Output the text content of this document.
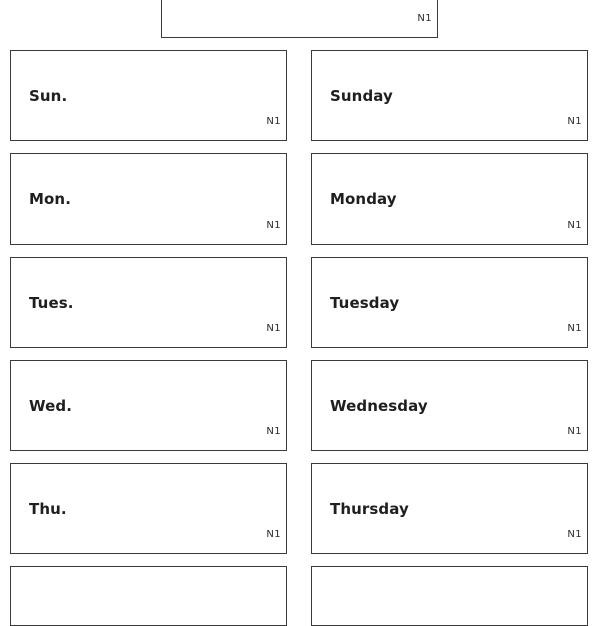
N1
Sun.
N1
Sunday
N1
Mon.
N1
Monday
N1
Tues.
N1
Tuesday
N1
Wed.
N1
Wednesday
N1
Thu.
N1
Thursday
N1
